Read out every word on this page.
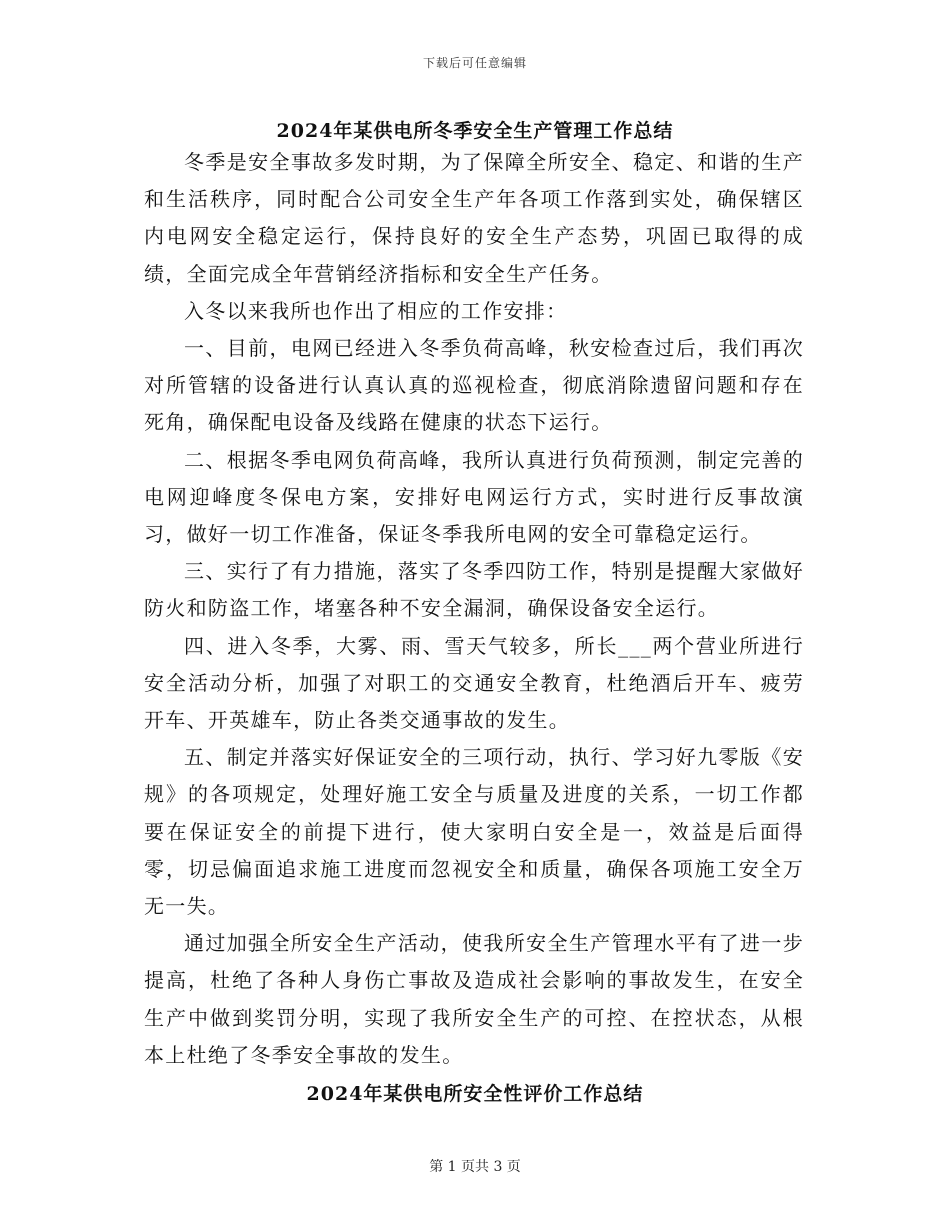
下载后可任意编辑
2024年某供电所冬季安全生产管理工作总结

冬季是安全事故多发时期，为了保障全所安全、稳定、和谐的生产和生活秩序，同时配合公司安全生产年各项工作落到实处，确保辖区内电网安全稳定运行，保持良好的安全生产态势，巩固已取得的成绩，全面完成全年营销经济指标和安全生产任务。

入冬以来我所也作出了相应的工作安排：

一、目前，电网已经进入冬季负荷高峰，秋安检查过后，我们再次对所管辖的设备进行认真认真的巡视检查，彻底消除遗留问题和存在死角，确保配电设备及线路在健康的状态下运行。

二、根据冬季电网负荷高峰，我所认真进行负荷预测，制定完善的电网迎峰度冬保电方案，安排好电网运行方式，实时进行反事故演习，做好一切工作准备，保证冬季我所电网的安全可靠稳定运行。

三、实行了有力措施，落实了冬季四防工作，特别是提醒大家做好防火和防盗工作，堵塞各种不安全漏洞，确保设备安全运行。

四、进入冬季，大雾、雨、雪天气较多，所长___两个营业所进行安全活动分析，加强了对职工的交通安全教育，杜绝酒后开车、疲劳开车、开英雄车，防止各类交通事故的发生。

五、制定并落实好保证安全的三项行动，执行、学习好九零版《安规》的各项规定，处理好施工安全与质量及进度的关系，一切工作都要在保证安全的前提下进行，使大家明白安全是一，效益是后面得零，切忌偏面追求施工进度而忽视安全和质量，确保各项施工安全万无一失。

通过加强全所安全生产活动，使我所安全生产管理水平有了进一步提高，杜绝了各种人身伤亡事故及造成社会影响的事故发生，在安全生产中做到奖罚分明，实现了我所安全生产的可控、在控状态，从根本上杜绝了冬季安全事故的发生。

2024年某供电所安全性评价工作总结
第 1 页共 3 页
